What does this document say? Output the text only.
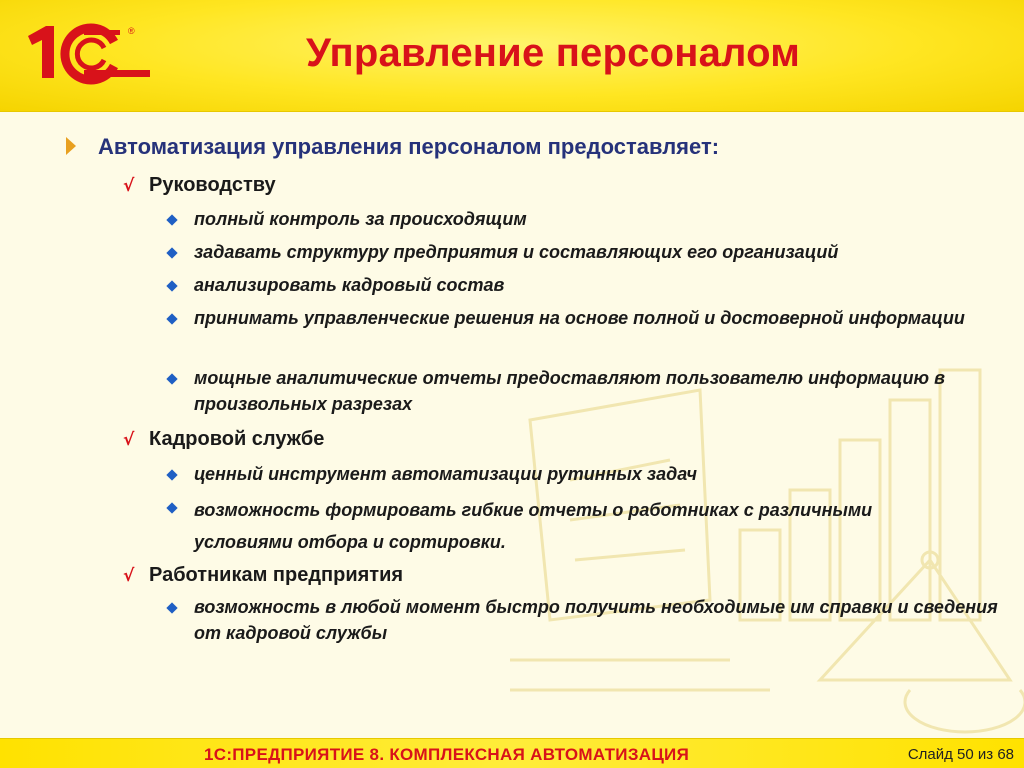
®	Управление персоналом
Автоматизация управления персоналом предоставляет:
√ Руководству
полный контроль за происходящим
задавать структуру предприятия и составляющих его организаций
анализировать кадровый состав
принимать управленческие решения на основе полной и достоверной информации
мощные аналитические отчеты предоставляют пользователю информацию в произвольных разрезах
√ Кадровой службе
ценный инструмент автоматизации рутинных задач
возможность формировать гибкие отчеты о работниках с различными условиями отбора и сортировки.
√ Работникам предприятия
возможность в любой момент быстро получить необходимые им справки и сведения от кадровой службы
1С:ПРЕДПРИЯТИЕ 8. КОМПЛЕКСНАЯ АВТОМАТИЗАЦИЯ	Слайд 50 из 68
